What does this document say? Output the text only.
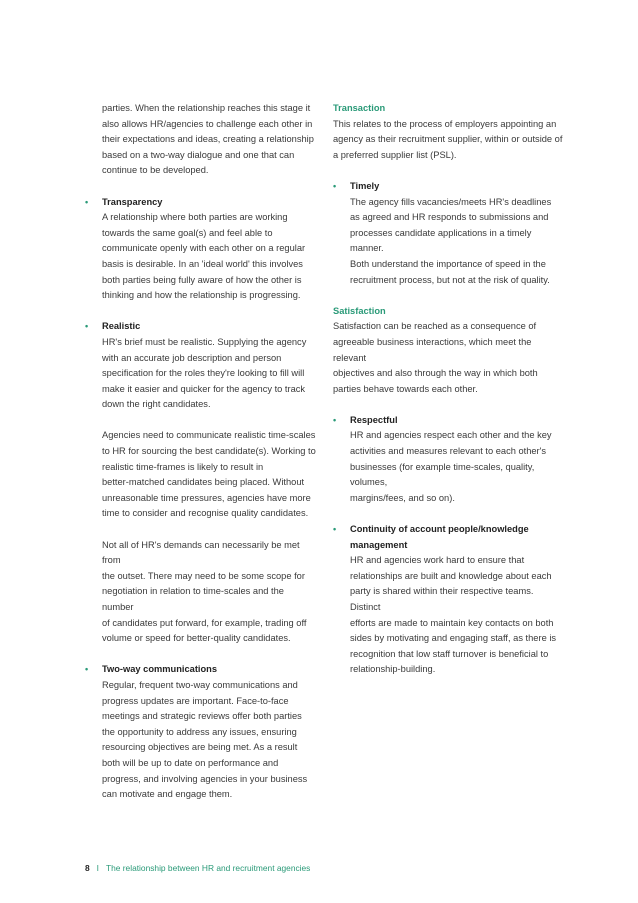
parties. When the relationship reaches this stage it
also allows HR/agencies to challenge each other in
their expectations and ideas, creating a relationship
based on a two-way dialogue and one that can
continue to be developed.
• Transparency
A relationship where both parties are working
towards the same goal(s) and feel able to
communicate openly with each other on a regular
basis is desirable. In an 'ideal world' this involves
both parties being fully aware of how the other is
thinking and how the relationship is progressing.
• Realistic
HR's brief must be realistic. Supplying the agency
with an accurate job description and person
specification for the roles they're looking to fill will
make it easier and quicker for the agency to track
down the right candidates.
Agencies need to communicate realistic time-scales
to HR for sourcing the best candidate(s). Working to
realistic time-frames is likely to result in
better-matched candidates being placed. Without
unreasonable time pressures, agencies have more
time to consider and recognise quality candidates.
Not all of HR's demands can necessarily be met from
the outset. There may need to be some scope for
negotiation in relation to time-scales and the number
of candidates put forward, for example, trading off
volume or speed for better-quality candidates.
• Two-way communications
Regular, frequent two-way communications and
progress updates are important. Face-to-face
meetings and strategic reviews offer both parties
the opportunity to address any issues, ensuring
resourcing objectives are being met. As a result
both will be up to date on performance and
progress, and involving agencies in your business
can motivate and engage them.
Transaction
This relates to the process of employers appointing an
agency as their recruitment supplier, within or outside of
a preferred supplier list (PSL).
• Timely
The agency fills vacancies/meets HR's deadlines
as agreed and HR responds to submissions and
processes candidate applications in a timely manner.
Both understand the importance of speed in the
recruitment process, but not at the risk of quality.
Satisfaction
Satisfaction can be reached as a consequence of
agreeable business interactions, which meet the relevant
objectives and also through the way in which both
parties behave towards each other.
• Respectful
HR and agencies respect each other and the key
activities and measures relevant to each other's
businesses (for example time-scales, quality, volumes,
margins/fees, and so on).
• Continuity of account people/knowledge
management
HR and agencies work hard to ensure that
relationships are built and knowledge about each
party is shared within their respective teams. Distinct
efforts are made to maintain key contacts on both
sides by motivating and engaging staff, as there is
recognition that low staff turnover is beneficial to
relationship-building.
8 I The relationship between HR and recruitment agencies
